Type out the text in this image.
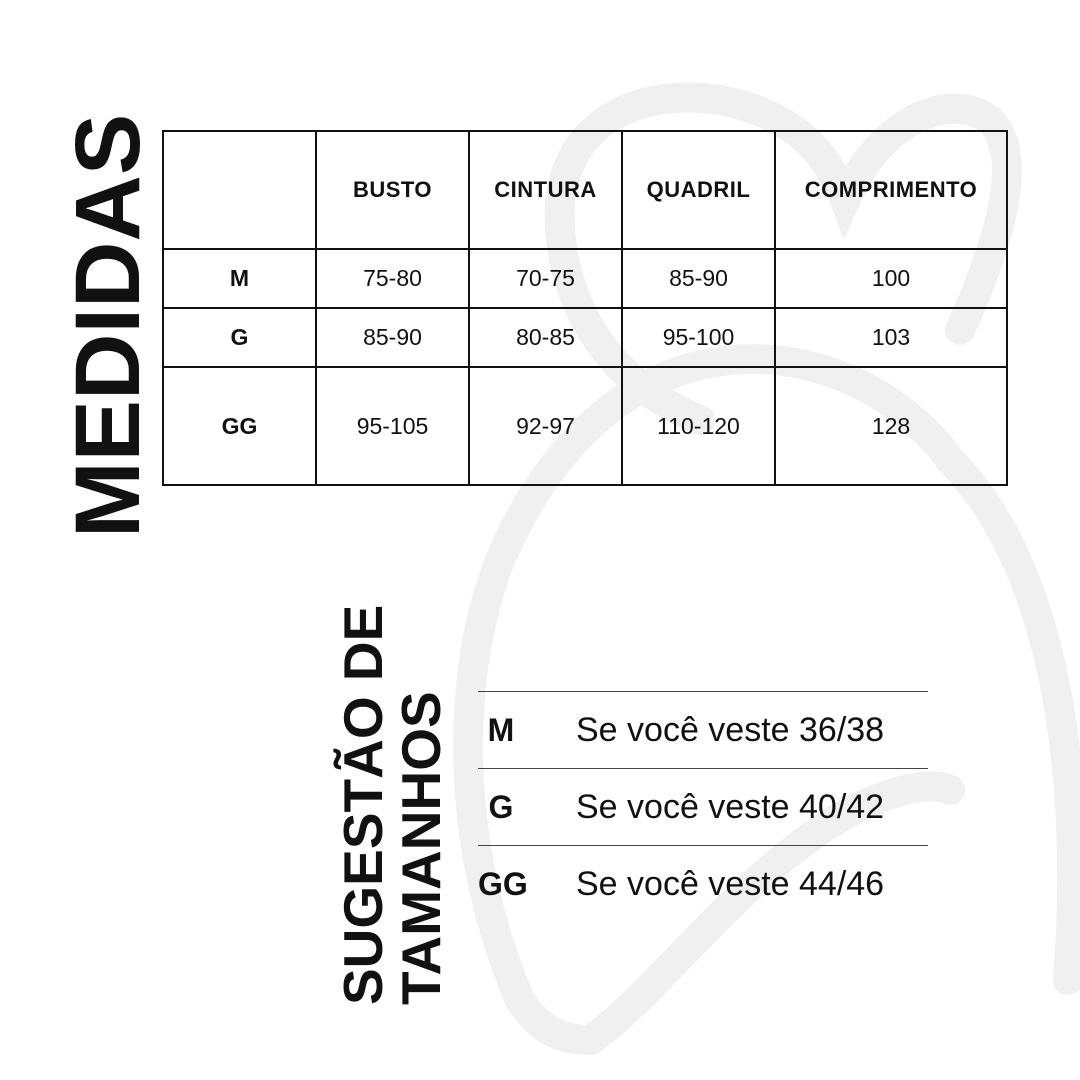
MEDIDAS
SUGESTÃO DE
TAMANHOS
	BUSTO	CINTURA	QUADRIL	COMPRIMENTO
M	75-80	70-75	85-90	100
G	85-90	80-85	95-100	103
GG	95-105	92-97	110-120	128
M Se você veste 36/38
G	Se você veste 40/42
GG Se você veste 44/46
